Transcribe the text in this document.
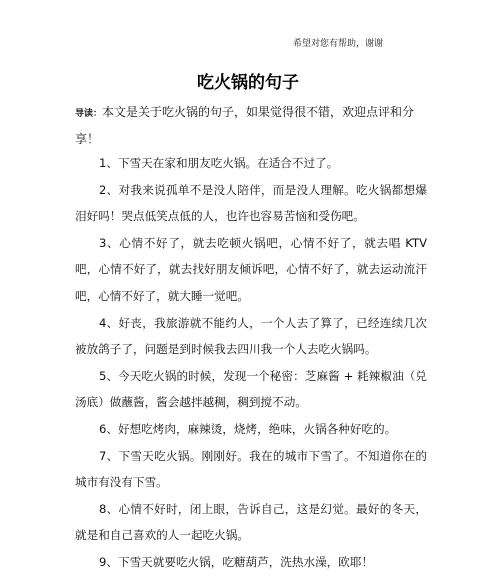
希望对您有帮助，谢谢
吃火锅的句子
导读：本文是关于吃火锅的句子，如果觉得很不错，欢迎点评和分享！

1、下雪天在家和朋友吃火锅。在适合不过了。

2、对我来说孤单不是没人陪伴，而是没人理解。吃火锅都想爆泪好吗！哭点低笑点低的人，也许也容易苦恼和受伤吧。

3、心情不好了，就去吃顿火锅吧，心情不好了，就去唱 KTV 吧，心情不好了，就去找好朋友倾诉吧，心情不好了，就去运动流汗吧，心情不好了，就大睡一觉吧。

4、好丧，我旅游就不能约人，一个人去了算了，已经连续几次被放鸽子了，问题是到时候我去四川我一个人去吃火锅吗。

5、今天吃火锅的时候，发现一个秘密：芝麻酱 + 耗辣椒油（兑汤底）做蘸酱，酱会越拌越稠，稠到搅不动。

6、好想吃烤肉，麻辣烫，烧烤，绝味，火锅各种好吃的。

7、下雪天吃火锅。刚刚好。我在的城市下雪了。不知道你在的城市有没有下雪。

8、心情不好时，闭上眼，告诉自己，这是幻觉。最好的冬天，就是和自己喜欢的人一起吃火锅。

9、下雪天就要吃火锅，吃糖葫芦，洗热水澡，欧耶！
